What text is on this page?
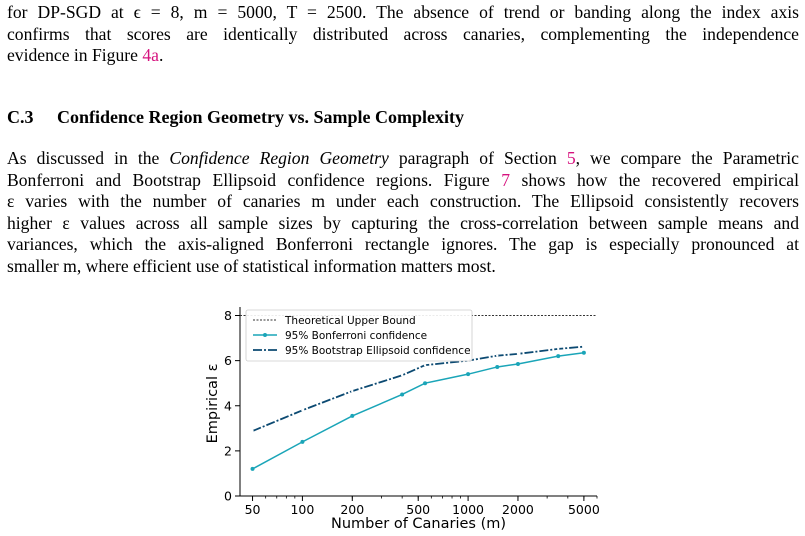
for DP-SGD at ϵ = 8, m = 5000, T = 2500. The absence of trend or banding along the index axis
confirms that scores are identically distributed across canaries, complementing the independence
evidence in Figure 4a.

C.3 Confidence Region Geometry vs. Sample Complexity

As discussed in the Confidence Region Geometry paragraph of Section 5, we compare the Parametric
Bonferroni and Bootstrap Ellipsoid confidence regions. Figure 7 shows how the recovered empirical
ε varies with the number of canaries m under each construction. The Ellipsoid consistently recovers
higher ε values across all sample sizes by capturing the cross-correlation between sample means and
variances, which the axis-aligned Bonferroni rectangle ignores. The gap is especially pronounced at
smaller m, where efficient use of statistical information matters most.

50 100 200	500 1000 2000	5000
0
2
4
6
8	Theoretical Upper Bound
95% Bonferroni confidence
95% Bootstrap Ellipsoid confidence
Number of Canaries (m)
Empirical ε
